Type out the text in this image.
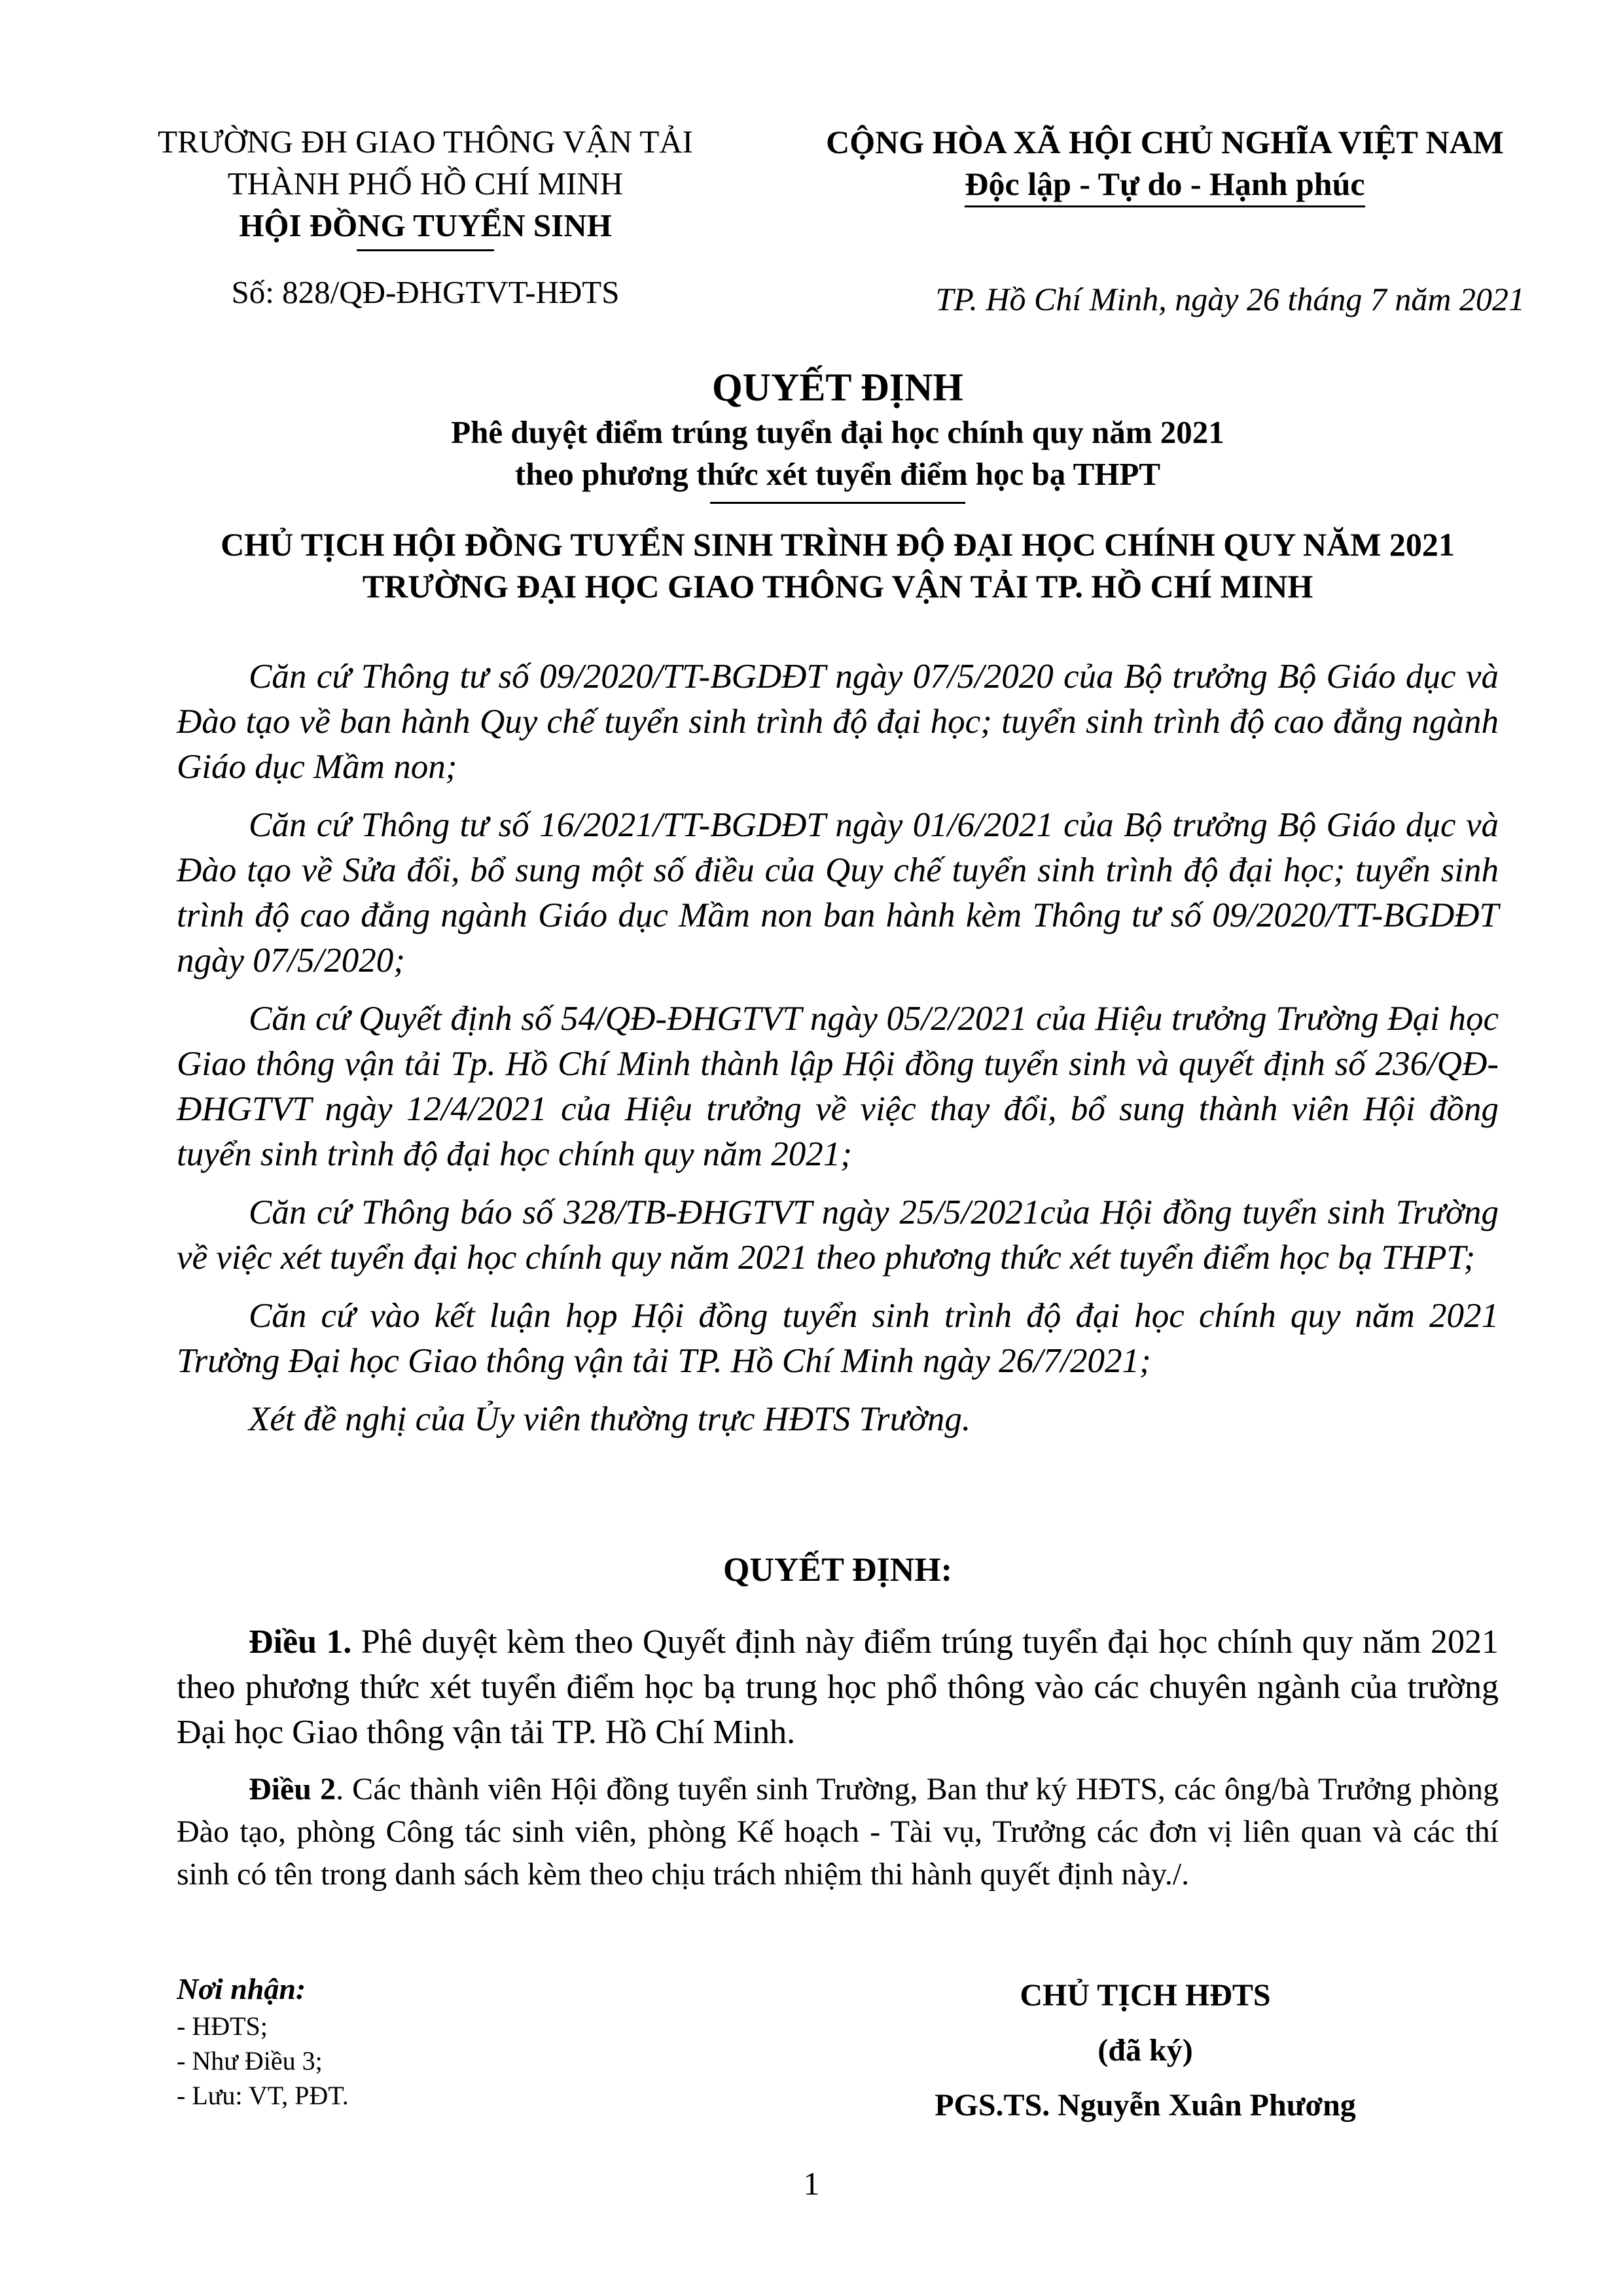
TRƯỜNG ĐH GIAO THÔNG VẬN TẢI
THÀNH PHỐ HỒ CHÍ MINH
HỘI ĐỒNG TUYỂN SINH
Số: 828/QĐ-ĐHGTVT-HĐTS
CỘNG HÒA XÃ HỘI CHỦ NGHĨA VIỆT NAM
Độc lập - Tự do - Hạnh phúc
TP. Hồ Chí Minh, ngày 26 tháng 7 năm 2021
QUYẾT ĐỊNH
Phê duyệt điểm trúng tuyển đại học chính quy năm 2021
theo phương thức xét tuyển điểm học bạ THPT
CHỦ TỊCH HỘI ĐỒNG TUYỂN SINH TRÌNH ĐỘ ĐẠI HỌC CHÍNH QUY NĂM 2021
TRƯỜNG ĐẠI HỌC GIAO THÔNG VẬN TẢI TP. HỒ CHÍ MINH

Căn cứ Thông tư số 09/2020/TT-BGDĐT ngày 07/5/2020 của Bộ trưởng Bộ Giáo dục và Đào tạo về ban hành Quy chế tuyển sinh trình độ đại học; tuyển sinh trình độ cao đẳng ngành Giáo dục Mầm non;

Căn cứ Thông tư số 16/2021/TT-BGDĐT ngày 01/6/2021 của Bộ trưởng Bộ Giáo dục và Đào tạo về Sửa đổi, bổ sung một số điều của Quy chế tuyển sinh trình độ đại học; tuyển sinh trình độ cao đẳng ngành Giáo dục Mầm non ban hành kèm Thông tư số 09/2020/TT-BGDĐT ngày 07/5/2020;

Căn cứ Quyết định số 54/QĐ-ĐHGTVT ngày 05/2/2021 của Hiệu trưởng Trường Đại học Giao thông vận tải Tp. Hồ Chí Minh thành lập Hội đồng tuyển sinh và quyết định số 236/QĐ-ĐHGTVT ngày 12/4/2021 của Hiệu trưởng về việc thay đổi, bổ sung thành viên Hội đồng tuyển sinh trình độ đại học chính quy năm 2021;

Căn cứ Thông báo số 328/TB-ĐHGTVT ngày 25/5/2021của Hội đồng tuyển sinh Trường về việc xét tuyển đại học chính quy năm 2021 theo phương thức xét tuyển điểm học bạ THPT;

Căn cứ vào kết luận họp Hội đồng tuyển sinh trình độ đại học chính quy năm 2021 Trường Đại học Giao thông vận tải TP. Hồ Chí Minh ngày 26/7/2021;

Xét đề nghị của Ủy viên thường trực HĐTS Trường.

QUYẾT ĐỊNH:

Điều 1. Phê duyệt kèm theo Quyết định này điểm trúng tuyển đại học chính quy năm 2021 theo phương thức xét tuyển điểm học bạ trung học phổ thông vào các chuyên ngành của trường Đại học Giao thông vận tải TP. Hồ Chí Minh.

Điều 2. Các thành viên Hội đồng tuyển sinh Trường, Ban thư ký HĐTS, các ông/bà Trưởng phòng Đào tạo, phòng Công tác sinh viên, phòng Kế hoạch - Tài vụ, Trưởng các đơn vị liên quan và các thí sinh có tên trong danh sách kèm theo chịu trách nhiệm thi hành quyết định này./.

Nơi nhận:
- HĐTS;
- Như Điều 3;
- Lưu: VT, PĐT.
CHỦ TỊCH HĐTS
(đã ký)
PGS.TS. Nguyễn Xuân Phương
1
